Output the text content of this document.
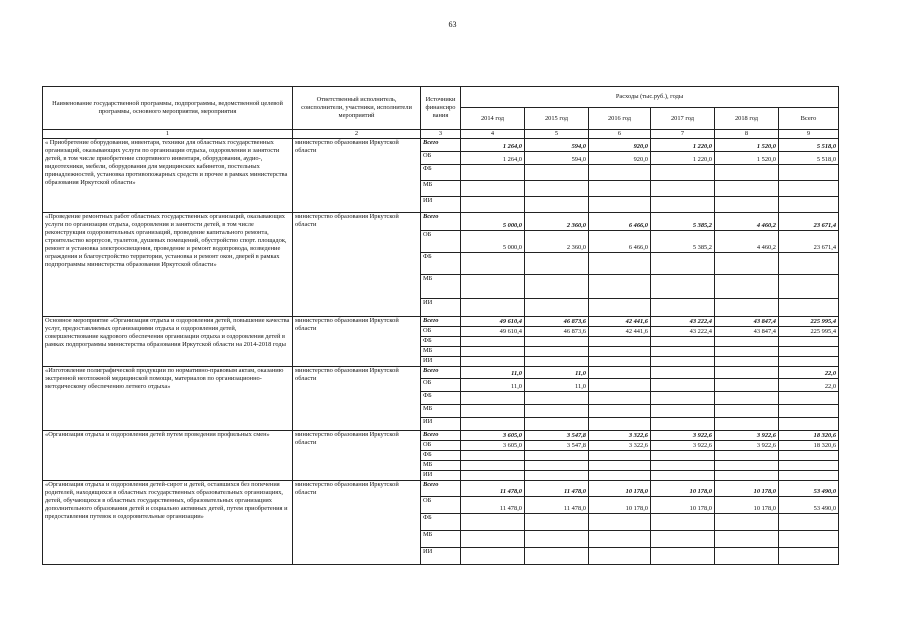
63
Наименование государственной программы, подпрограммы, ведомственной целевой программы, основного мероприятия, мероприятия	Ответственный исполнитель, соисполнители, участники, исполнители мероприятий	Источники финансиро вания	Расходы (тыс.руб.), годы					
			2014 год	2015 год	2016 год	2017 год	2018 год	Всего
1	2	3	4	5	6	7	8	9
« Приобретение оборудования, инвентаря, техники для областных государственных организаций, оказывающих услуги по организации отдыха, оздоровления и занятости детей, в том числе приобретение спортивного инвентаря, оборудования, аудио-, видеотехники, мебели, оборудования для медицинских кабинетов, постельных принадлежностей, установка противопожарных средств и прочее в рамках министерства образования Иркутской области»	министерство образования Иркутской области	Всего	1 264,0	594,0	920,0	1 220,0	1 520,0	5 518,0
		ОБ	1 264,0	594,0	920,0	1 220,0	1 520,0	5 518,0
		ФБ						
		МБ						
		ИИ						
«Проведение ремонтных работ областных государственных организаций, оказывающих услуги по организации отдыха, оздоровления и занятости детей, в том числе реконструкция оздоровительных организаций, проведение капитального ремонта, строительство корпусов, туалетов, душевых помещений, обустройство спорт. площадок, ремонт и установка электроосвещения, проведение и ремонт водопровода, возведение ограждения и благоустройство территории, установка и ремонт окон, дверей в рамках подпрограммы министерства образования Иркутской области»	министерство образования Иркутской области	Всего	5 000,0	2 360,0	6 466,0	5 385,2	4 460,2	23 671,4
		ОБ	5 000,0	2 360,0	6 466,0	5 385,2	4 460,2	23 671,4
		ФБ						
		МБ						
		ИИ						
Основное мероприятие «Организация отдыха и оздоровления детей, повышение качества услуг, предоставляемых организациями отдыха и оздоровления детей, совершенствование кадрового обеспечения организации отдыха и оздоровления детей в рамках подпрограммы министерства образования Иркутской области на 2014-2018 годы	министерство образования Иркутской области	Всего	49 610,4	46 873,6	42 441,6	43 222,4	43 847,4	225 995,4
		ОБ	49 610,4	46 873,6	42 441,6	43 222,4	43 847,4	225 995,4
		ФБ						
		МБ						
		ИИ						
«Изготовление полиграфической продукции по нормативно-правовым актам, оказанию экстренной неотложной медицинской помощи, материалов по организационно-методическому обеспечению летнего отдыха»	министерство образования Иркутской области	Всего	11,0	11,0				22,0
		ОБ	11,0	11,0				22,0
		ФБ						
		МБ						
		ИИ						
«Организация отдыха и оздоровления детей путем проведения профильных смен»	министерство образования Иркутской области	Всего	3 605,0	3 547,8	3 322,6	3 922,6	3 922,6	18 320,6
		ОБ	3 605,0	3 547,8	3 322,6	3 922,6	3 922,6	18 320,6
		ФБ						
		МБ						
		ИИ						
«Организация отдыха и оздоровления детей-сирот и детей, оставшихся без попечения родителей, находящихся в областных государственных образовательных организациях, детей, обучающихся в областных государственных, образовательных организациях дополнительного образования детей и социально активных детей, путем приобретения и предоставления путевок в оздоровительные организации»	министерство образования Иркутской области	Всего	11 478,0	11 478,0	10 178,0	10 178,0	10 178,0	53 490,0
		ОБ	11 478,0	11 478,0	10 178,0	10 178,0	10 178,0	53 490,0
		ФБ						
		МБ						
		ИИ						
